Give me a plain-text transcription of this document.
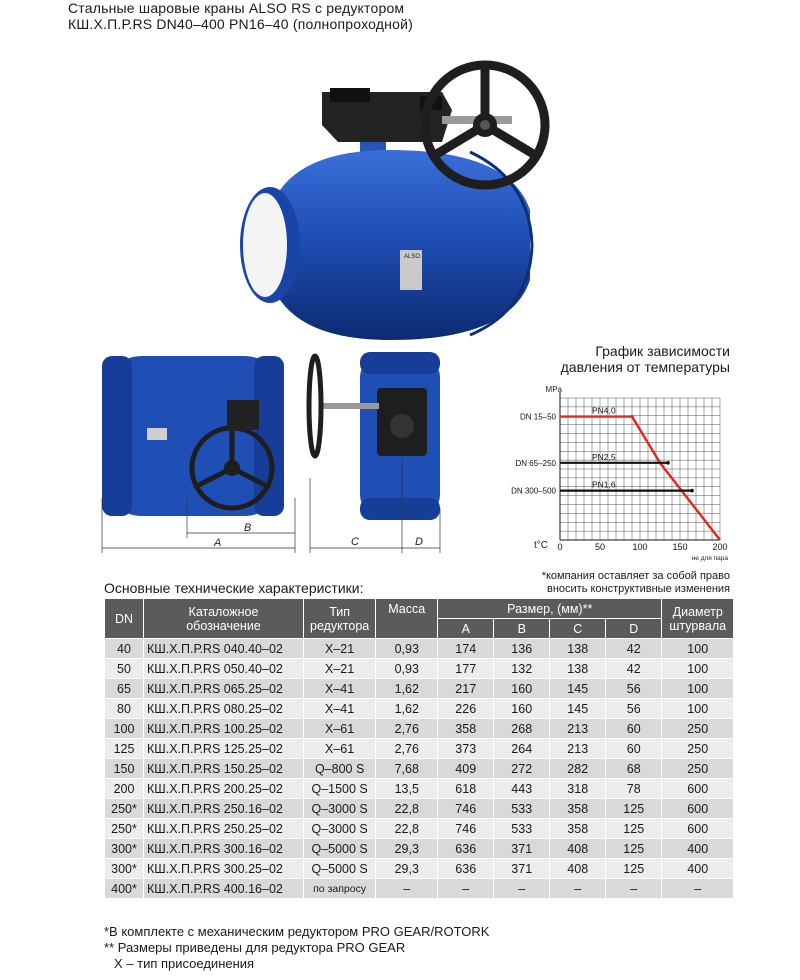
Стальные шаровые краны ALSO RS с редуктором
КШ.Х.П.Р.RS DN40–400 PN16–40 (полнопроходной)
ALSO
B
A	C	D
График зависимости
давления от температуры
MPa
DN 15–50
DN 65–250
DN 300–500
PN4,0
PN2,5
PN1,6
0	50	100	150	200
t°C
не для пара
*компания оставляет за собой право
вносить конструктивные изменения
Основные технические характеристики:
DN	Каталожное обозначение	Тип редуктора	Масса	Размер, (мм)**				Диаметр штурвала
				A	B	C	D	
40	КШ.Х.П.Р.RS 040.40–02	X–21	0,93	174	136	138	42	100
50	КШ.Х.П.Р.RS 050.40–02	X–21	0,93	177	132	138	42	100
65	КШ.Х.П.Р.RS 065.25–02	X–41	1,62	217	160	145	56	100
80	КШ.Х.П.Р.RS 080.25–02	X–41	1,62	226	160	145	56	100
100	КШ.Х.П.Р.RS 100.25–02	X–61	2,76	358	268	213	60	250
125	КШ.Х.П.Р.RS 125.25–02	X–61	2,76	373	264	213	60	250
150	КШ.Х.П.Р.RS 150.25–02	Q–800 S	7,68	409	272	282	68	250
200	КШ.Х.П.Р.RS 200.25–02	Q–1500 S	13,5	618	443	318	78	600
250*	КШ.Х.П.Р.RS 250.16–02	Q–3000 S	22,8	746	533	358	125	600
250*	КШ.Х.П.Р.RS 250.25–02	Q–3000 S	22,8	746	533	358	125	600
300*	КШ.Х.П.Р.RS 300.16–02	Q–5000 S	29,3	636	371	408	125	400
300*	КШ.Х.П.Р.RS 300.25–02	Q–5000 S	29,3	636	371	408	125	400
400*	КШ.Х.П.Р.RS 400.16–02	по запросу	–	–	–	–	–	–
*В комплекте с механическим редуктором PRO GEAR/ROTORK
** Размеры приведены для редуктора PRO GEAR
X – тип присоединения
